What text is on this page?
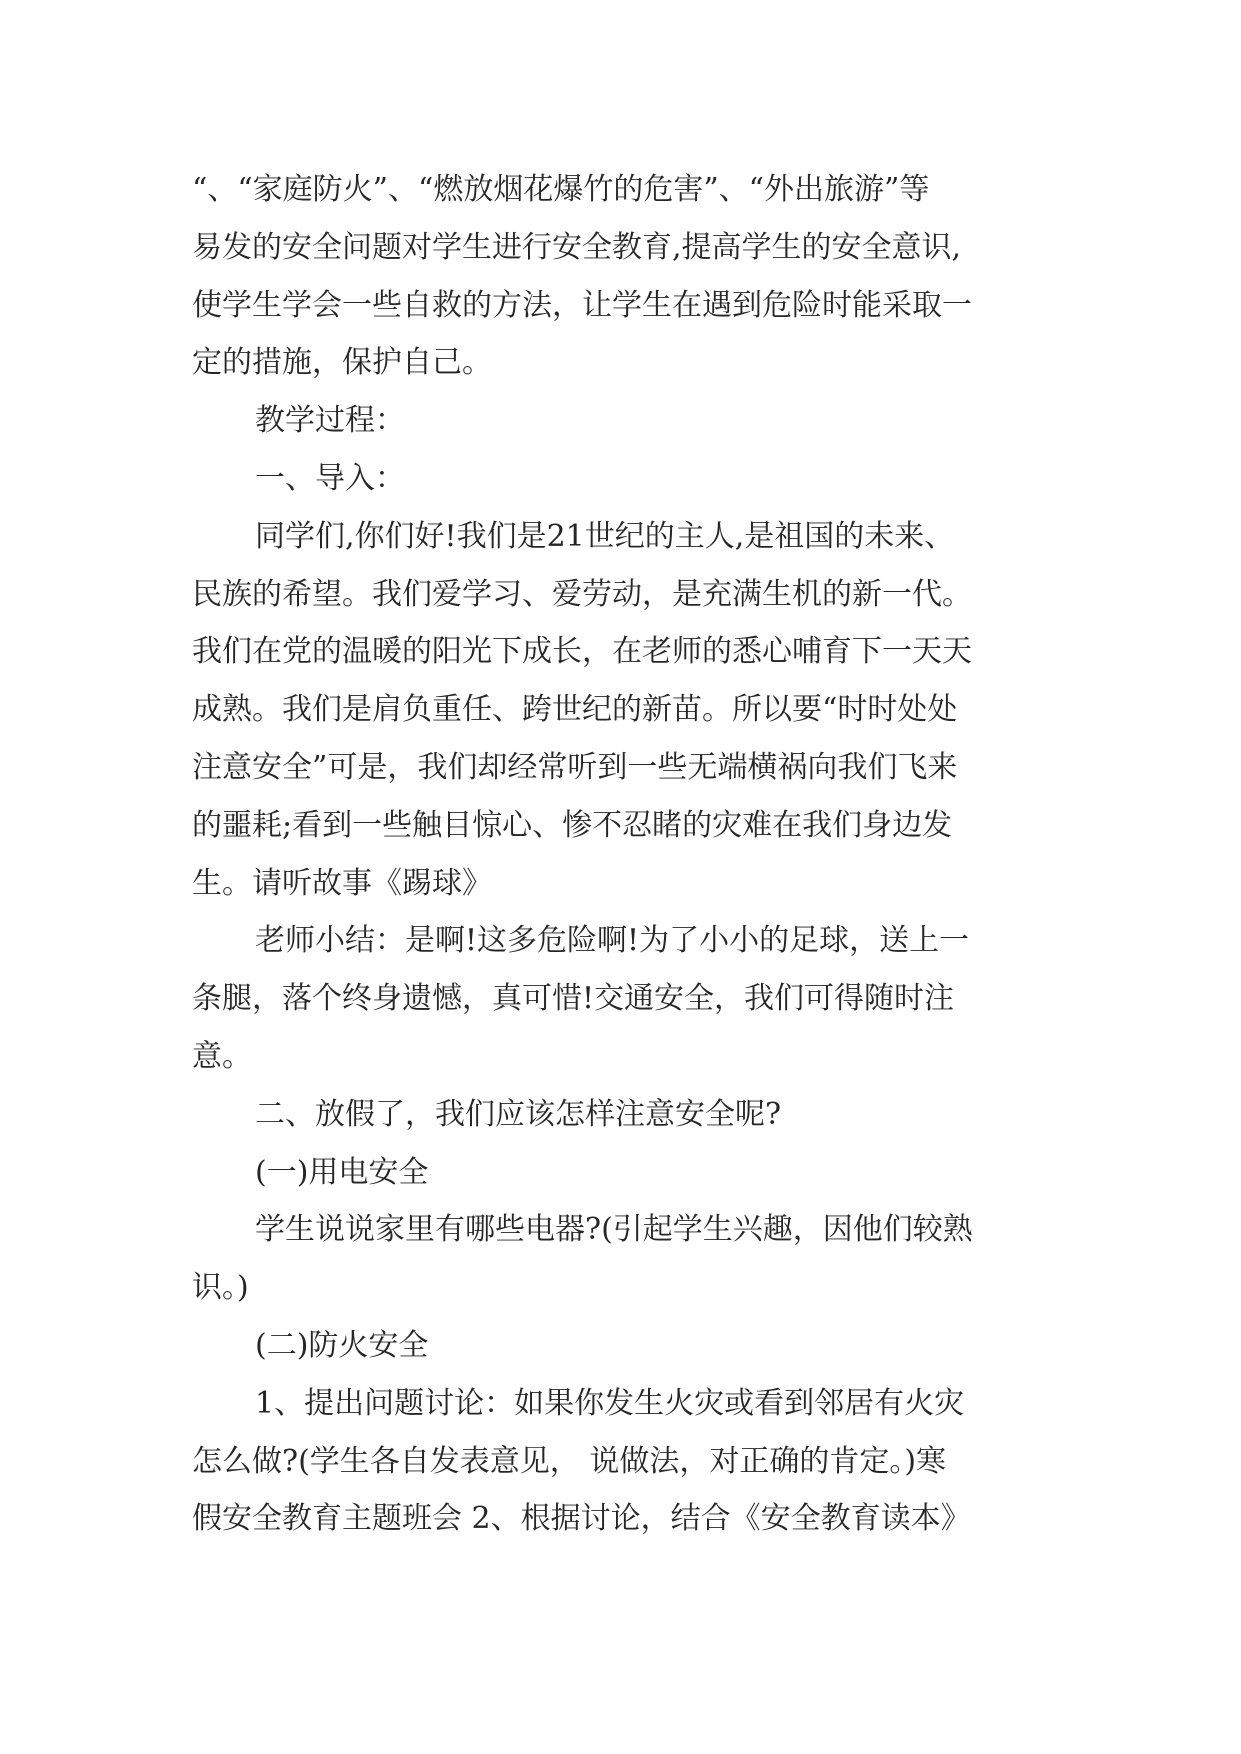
“、“家庭防火”、“燃放烟花爆竹的危害”、“外出旅游”等
易发的安全问题对学生进行安全教育,提高学生的安全意识,
使学生学会一些自救的方法，让学生在遇到危险时能采取一
定的措施，保护自己。
教学过程：
一、导入：
同学们,你们好!我们是21世纪的主人,是祖国的未来、
民族的希望。我们爱学习、爱劳动，是充满生机的新一代。
我们在党的温暖的阳光下成长，在老师的悉心哺育下一天天
成熟。我们是肩负重任、跨世纪的新苗。所以要“时时处处
注意安全”可是，我们却经常听到一些无端横祸向我们飞来
的噩耗;看到一些触目惊心、惨不忍睹的灾难在我们身边发
生。请听故事《踢球》
老师小结：是啊!这多危险啊!为了小小的足球，送上一
条腿，落个终身遗憾，真可惜!交通安全，我们可得随时注
意。
二、放假了，我们应该怎样注意安全呢?
(一)用电安全
学生说说家里有哪些电器?(引起学生兴趣，因他们较熟
识。)
(二)防火安全
1、提出问题讨论：如果你发生火灾或看到邻居有火灾
怎么做?(学生各自发表意见， 说做法，对正确的肯定。)寒
假安全教育主题班会 2、根据讨论，结合《安全教育读本》
